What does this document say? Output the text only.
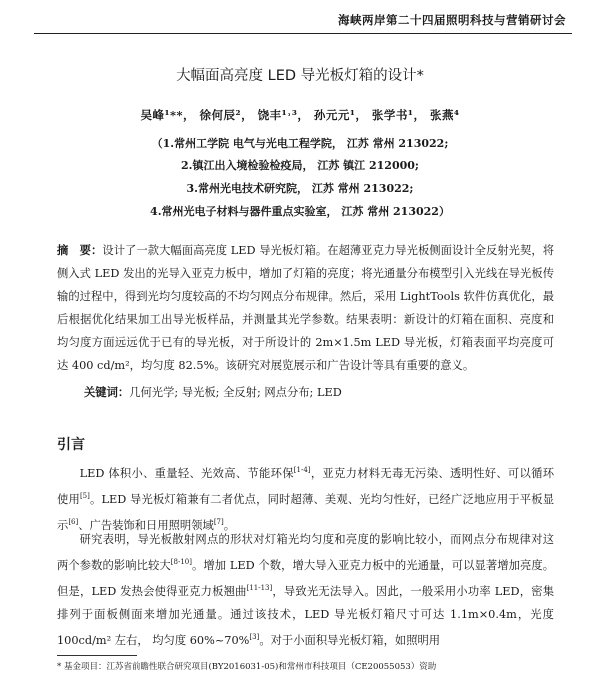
海峡两岸第二十四届照明科技与营销研讨会
大幅面高亮度 LED 导光板灯箱的设计*
吴峰¹**， 徐何辰²， 饶丰¹˒³， 孙元元¹， 张学书¹， 张燕⁴
（1.常州工学院 电气与光电工程学院， 江苏 常州 213022;
2.镇江出入境检验检疫局， 江苏 镇江 212000;
3.常州光电技术研究院， 江苏 常州 213022;
4.常州光电子材料与器件重点实验室， 江苏 常州 213022）
摘　要：设计了一款大幅面高亮度 LED 导光板灯箱。在超薄亚克力导光板侧面设计全反射光契，将侧入式 LED 发出的光导入亚克力板中，增加了灯箱的亮度；将光通量分布模型引入光线在导光板传输的过程中，得到光均匀度较高的不均匀网点分布规律。然后，采用 LightTools 软件仿真优化，最后根据优化结果加工出导光板样品，并测量其光学参数。结果表明：新设计的灯箱在面积、亮度和均匀度方面远远优于已有的导光板，对于所设计的 2m×1.5m LED 导光板，灯箱表面平均亮度可达 400 cd/m²，均匀度 82.5%。该研究对展览展示和广告设计等具有重要的意义。
关键词：几何光学; 导光板; 全反射; 网点分布; LED
引言
LED 体积小、重量轻、光效高、节能环保[1-4]，亚克力材料无毒无污染、透明性好、可以循环使用[5]。LED 导光板灯箱兼有二者优点，同时超薄、美观、光均匀性好，已经广泛地应用于平板显示[6]、广告装饰和日用照明领域[7]。
研究表明，导光板散射网点的形状对灯箱光均匀度和亮度的影响比较小，而网点分布规律对这两个参数的影响比较大[8-10]。增加 LED 个数，增大导入亚克力板中的光通量，可以显著增加亮度。但是，LED 发热会使得亚克力板翘曲[11-13]，导致光无法导入。因此，一般采用小功率 LED，密集排列于面板侧面来增加光通量。通过该技术，LED 导光板灯箱尺寸可达 1.1m×0.4m，光度 100cd/m² 左右， 均匀度 60%~70%[3]。对于小面积导光板灯箱，如照明用
* 基金项目：江苏省前瞻性联合研究项目(BY2016031-05)和常州市科技项目（CE20055053）资助
